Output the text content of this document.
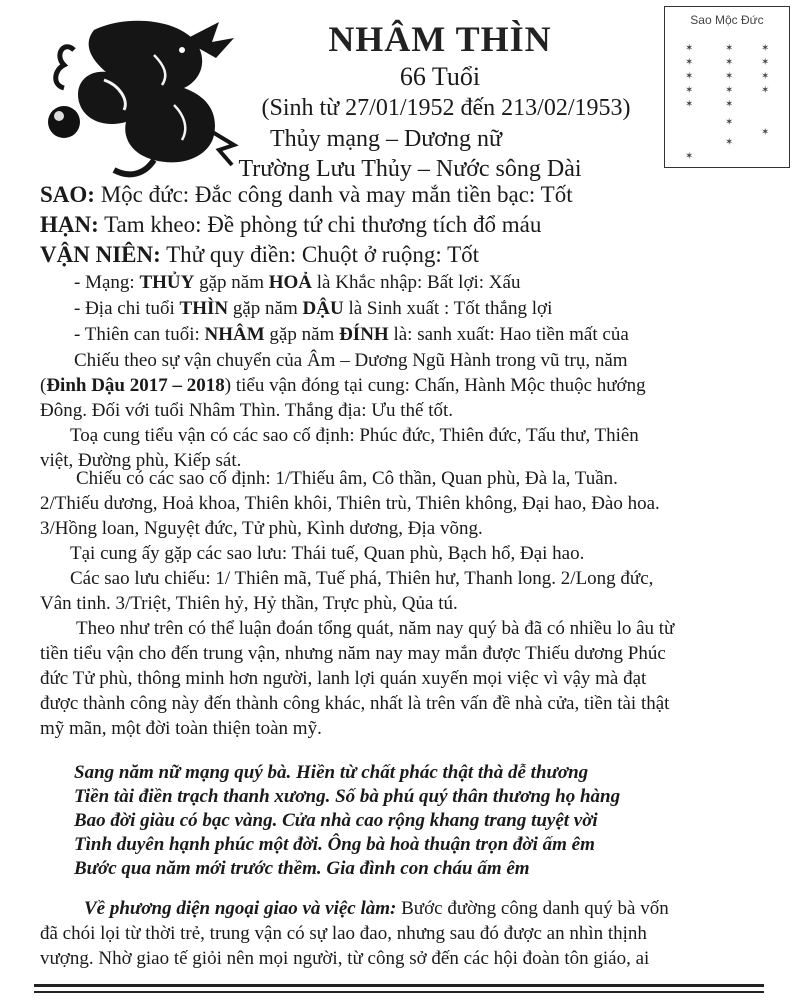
NHÂM THÌN
66 Tuổi
(Sinh từ 27/01/1952 đến 213/02/1953)
Thủy mạng – Dương nữ
Trường Lưu Thủy – Nước sông Dài
Sao Mộc Đức
✶	✶	✶
✶	✶	✶
✶	✶	✶
✶	✶	✶
✶	✶
✶
✶
✶
✶
SAO: Mộc đức: Đắc công danh và may mắn tiền bạc: Tốt
HẠN: Tam kheo: Đề phòng tứ chi thương tích đổ máu
VẬN NIÊN: Thử quy điền: Chuột ở ruộng: Tốt
- Mạng: THỦY gặp năm HOẢ là Khắc nhập: Bất lợi: Xấu
- Địa chi tuổi THÌN gặp năm DẬU là Sinh xuất : Tốt thắng lợi
- Thiên can tuổi: NHÂM gặp năm ĐÍNH là: sanh xuất: Hao tiền mất của
Chiếu theo sự vận chuyển của Âm – Dương Ngũ Hành trong vũ trụ, năm
(Đinh Dậu 2017 – 2018) tiểu vận đóng tại cung: Chấn, Hành Mộc thuộc hướng
Đông. Đối với tuổi Nhâm Thìn. Thắng địa: Ưu thế tốt.
Toạ cung tiểu vận có các sao cố định: Phúc đức, Thiên đức, Tấu thư, Thiên
việt, Đường phù, Kiếp sát.
Chiếu có các sao cố định: 1/Thiếu âm, Cô thần, Quan phù, Đà la, Tuần.
2/Thiếu dương, Hoả khoa, Thiên khôi, Thiên trù, Thiên không, Đại hao, Đào hoa.
3/Hồng loan, Nguyệt đức, Tử phù, Kình dương, Địa võng.
Tại cung ấy gặp các sao lưu: Thái tuế, Quan phù, Bạch hổ, Đại hao.
Các sao lưu chiếu: 1/ Thiên mã, Tuế phá, Thiên hư, Thanh long. 2/Long đức,
Vân tinh. 3/Triệt, Thiên hỷ, Hỷ thần, Trực phù, Qủa tú.
Theo như trên có thể luận đoán tổng quát, năm nay quý bà đã có nhiều lo âu từ
tiền tiểu vận cho đến trung vận, nhưng năm nay may mắn được Thiếu dương Phúc
đức Tử phù, thông minh hơn người, lanh lợi quán xuyến mọi việc vì vậy mà đạt
được thành công này đến thành công khác, nhất là trên vấn đề nhà cửa, tiền tài thật
mỹ mãn, một đời toàn thiện toàn mỹ.
Sang năm nữ mạng quý bà. Hiền từ chất phác thật thà dễ thương
Tiền tài điền trạch thanh xương. Số bà phú quý thân thương họ hàng
Bao đời giàu có bạc vàng. Cửa nhà cao rộng khang trang tuyệt vời
Tình duyên hạnh phúc một đời. Ông bà hoà thuận trọn đời ấm êm
Bước qua năm mới trước thềm. Gia đình con cháu ấm êm
Về phương diện ngoại giao và việc làm: Bước đường công danh quý bà vốn
đã chói lọi từ thời trẻ, trung vận có sự lao đao, nhưng sau đó được an nhìn thịnh
vượng. Nhờ giao tế giỏi nên mọi người, từ công sở đến các hội đoàn tôn giáo, ai
